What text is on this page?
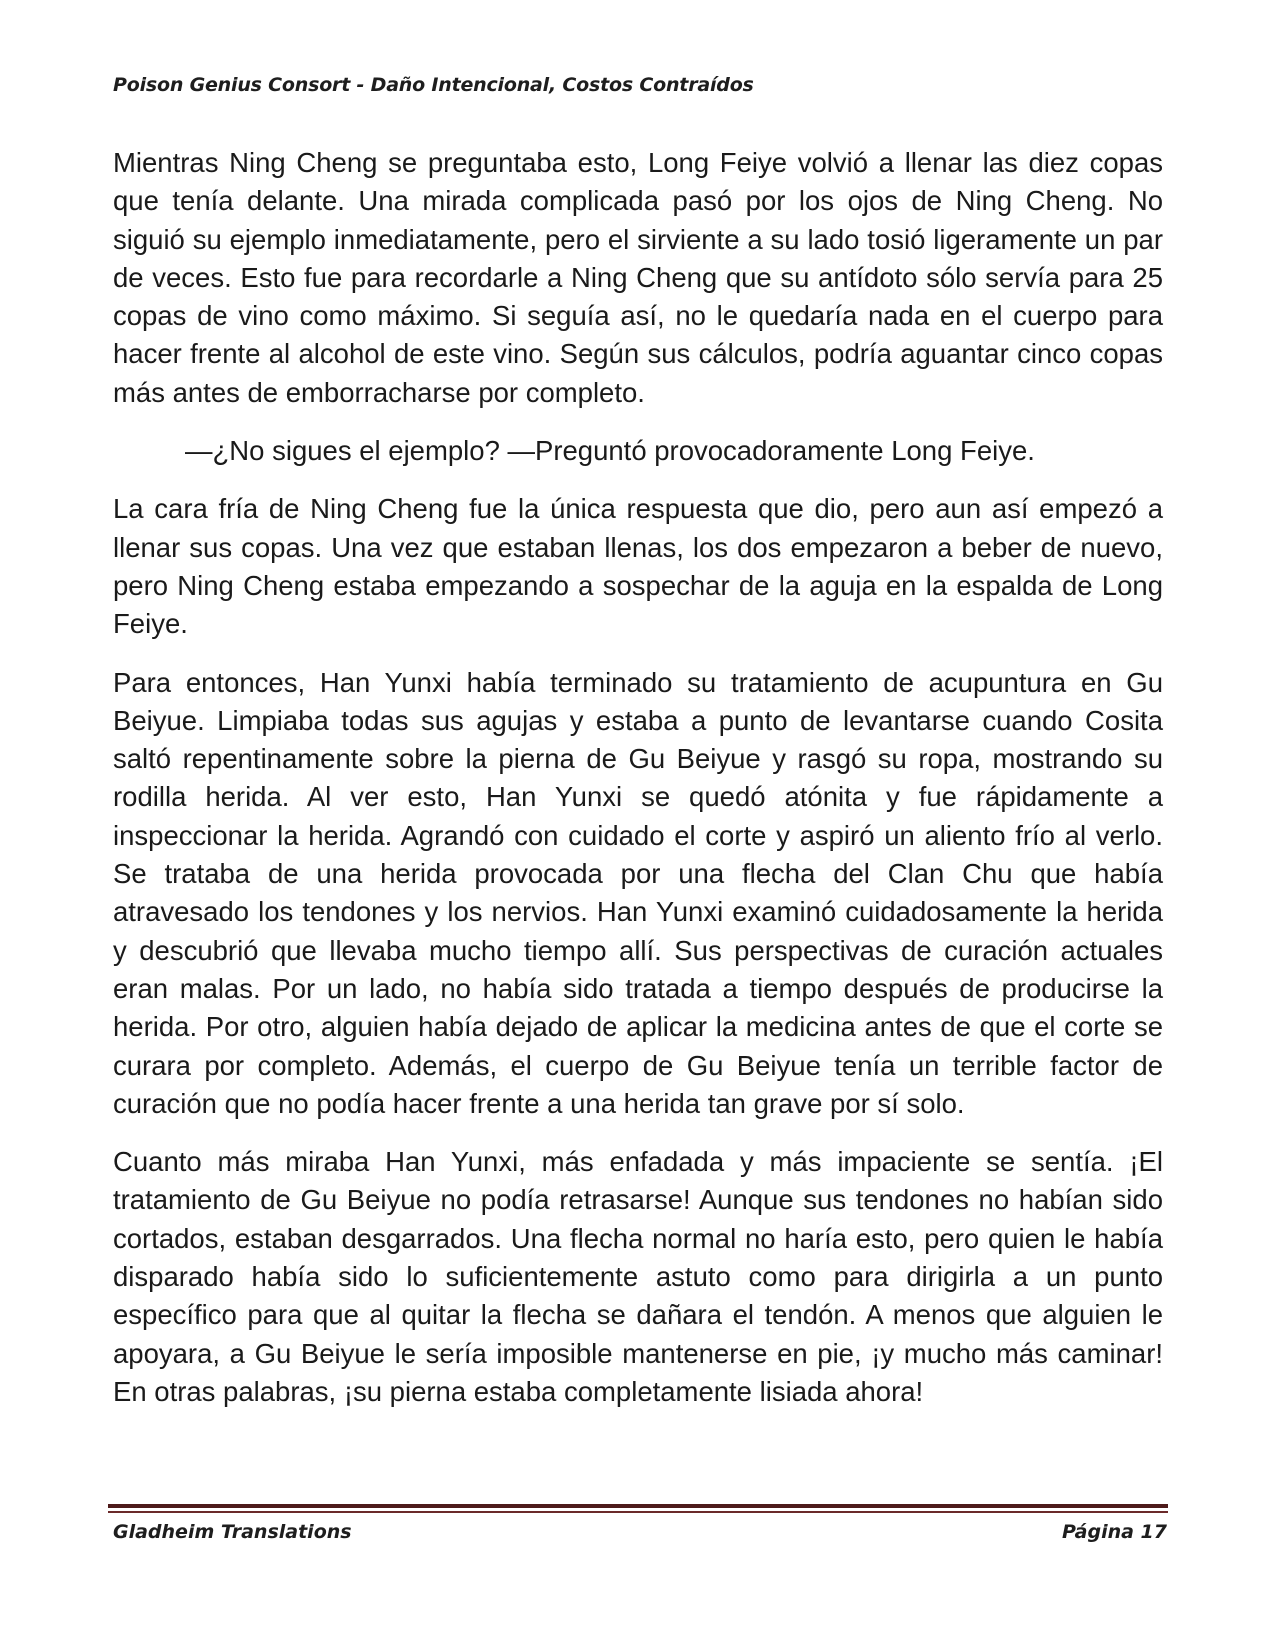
Poison Genius Consort - Daño Intencional, Costos Contraídos

Mientras Ning Cheng se preguntaba esto, Long Feiye volvió a llenar las diez copas que tenía delante. Una mirada complicada pasó por los ojos de Ning Cheng. No siguió su ejemplo inmediatamente, pero el sirviente a su lado tosió ligeramente un par de veces. Esto fue para recordarle a Ning Cheng que su antídoto sólo servía para 25 copas de vino como máximo. Si seguía así, no le quedaría nada en el cuerpo para hacer frente al alcohol de este vino. Según sus cálculos, podría aguantar cinco copas más antes de emborracharse por completo.

—¿No sigues el ejemplo? —Preguntó provocadoramente Long Feiye.

La cara fría de Ning Cheng fue la única respuesta que dio, pero aun así empezó a llenar sus copas. Una vez que estaban llenas, los dos empezaron a beber de nuevo, pero Ning Cheng estaba empezando a sospechar de la aguja en la espalda de Long Feiye.

Para entonces, Han Yunxi había terminado su tratamiento de acupuntura en Gu Beiyue. Limpiaba todas sus agujas y estaba a punto de levantarse cuando Cosita saltó repentinamente sobre la pierna de Gu Beiyue y rasgó su ropa, mostrando su rodilla herida. Al ver esto, Han Yunxi se quedó atónita y fue rápidamente a inspeccionar la herida. Agrandó con cuidado el corte y aspiró un aliento frío al verlo. Se trataba de una herida provocada por una flecha del Clan Chu que había atravesado los tendones y los nervios. Han Yunxi examinó cuidadosamente la herida y descubrió que llevaba mucho tiempo allí. Sus perspectivas de curación actuales eran malas. Por un lado, no había sido tratada a tiempo después de producirse la herida. Por otro, alguien había dejado de aplicar la medicina antes de que el corte se curara por completo. Además, el cuerpo de Gu Beiyue tenía un terrible factor de curación que no podía hacer frente a una herida tan grave por sí solo.

Cuanto más miraba Han Yunxi, más enfadada y más impaciente se sentía. ¡El tratamiento de Gu Beiyue no podía retrasarse! Aunque sus tendones no habían sido cortados, estaban desgarrados. Una flecha normal no haría esto, pero quien le había disparado había sido lo suficientemente astuto como para dirigirla a un punto específico para que al quitar la flecha se dañara el tendón. A menos que alguien le apoyara, a Gu Beiyue le sería imposible mantenerse en pie, ¡y mucho más caminar! En otras palabras, ¡su pierna estaba completamente lisiada ahora!

Gladheim Translations	Página 17
